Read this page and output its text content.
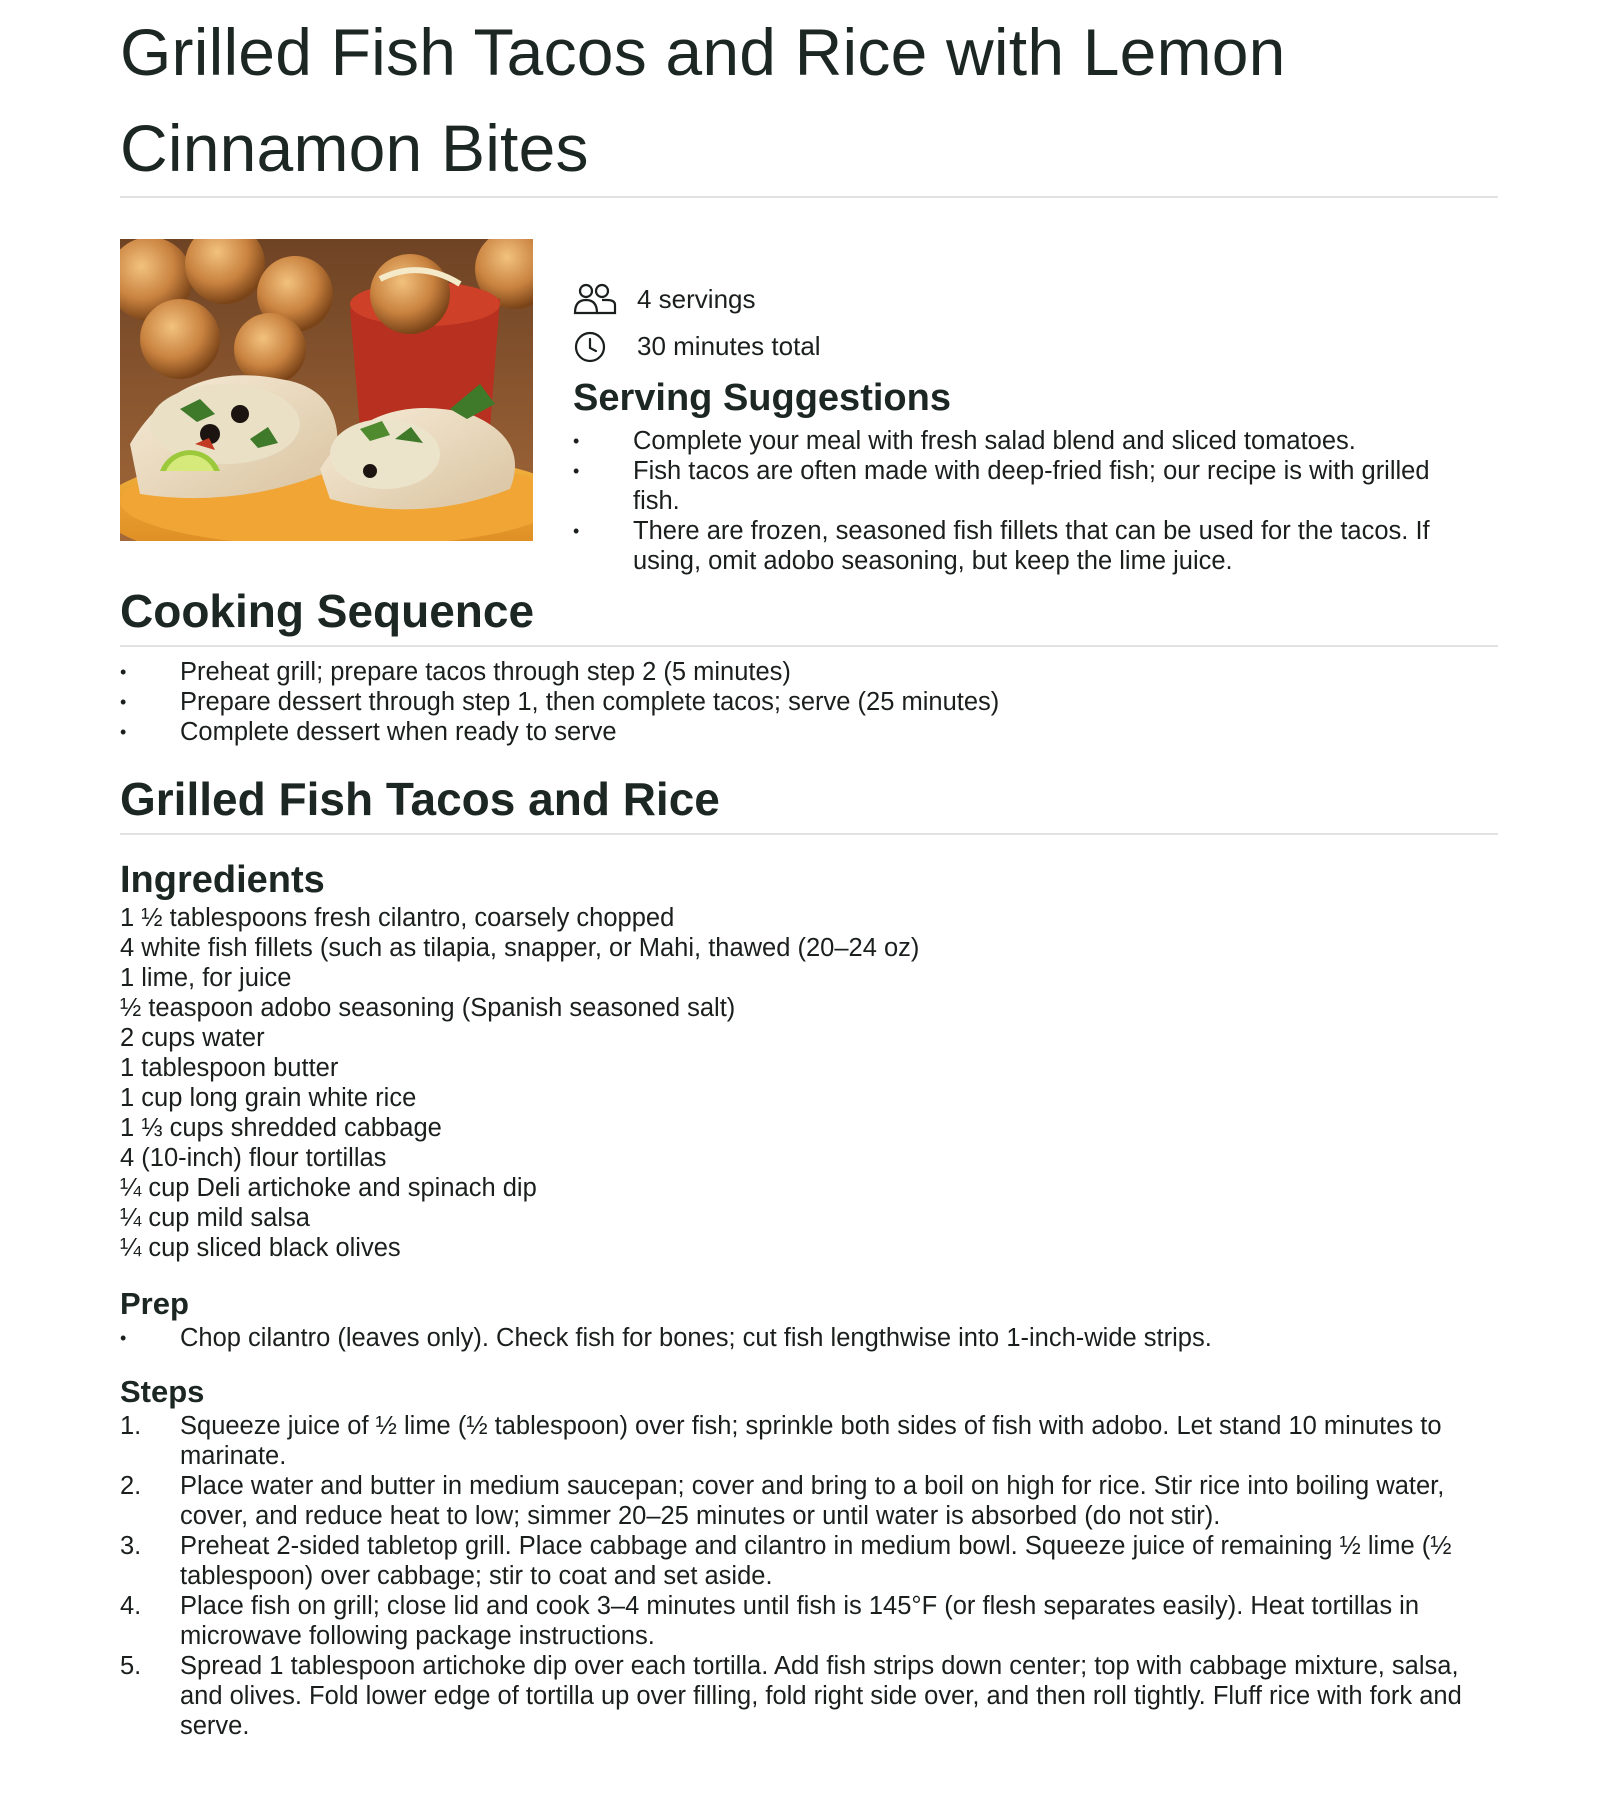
Grilled Fish Tacos and Rice with Lemon Cinnamon Bites
4 servings
30 minutes total
Serving Suggestions
• Complete your meal with fresh salad blend and sliced tomatoes.
• Fish tacos are often made with deep-fried fish; our recipe is with grilled fish.
• There are frozen, seasoned fish fillets that can be used for the tacos. If using, omit adobo seasoning, but keep the lime juice.
Cooking Sequence
• Preheat grill; prepare tacos through step 2 (5 minutes)
• Prepare dessert through step 1, then complete tacos; serve (25 minutes)
• Complete dessert when ready to serve
Grilled Fish Tacos and Rice
Ingredients
1 ½ tablespoons fresh cilantro, coarsely chopped
4 white fish fillets (such as tilapia, snapper, or Mahi, thawed (20–24 oz)
1 lime, for juice
½ teaspoon adobo seasoning (Spanish seasoned salt)
2 cups water
1 tablespoon butter
1 cup long grain white rice
1 ⅓ cups shredded cabbage
4 (10-inch) flour tortillas
¼ cup Deli artichoke and spinach dip
¼ cup mild salsa
¼ cup sliced black olives
Prep
• Chop cilantro (leaves only). Check fish for bones; cut fish lengthwise into 1-inch-wide strips.
Steps
1. Squeeze juice of ½ lime (½ tablespoon) over fish; sprinkle both sides of fish with adobo. Let stand 10 minutes to marinate.
2. Place water and butter in medium saucepan; cover and bring to a boil on high for rice. Stir rice into boiling water, cover, and reduce heat to low; simmer 20–25 minutes or until water is absorbed (do not stir).
3. Preheat 2-sided tabletop grill. Place cabbage and cilantro in medium bowl. Squeeze juice of remaining ½ lime (½ tablespoon) over cabbage; stir to coat and set aside.
4. Place fish on grill; close lid and cook 3–4 minutes until fish is 145°F (or flesh separates easily). Heat tortillas in microwave following package instructions.
5. Spread 1 tablespoon artichoke dip over each tortilla. Add fish strips down center; top with cabbage mixture, salsa, and olives. Fold lower edge of tortilla up over filling, fold right side over, and then roll tightly. Fluff rice with fork and serve.
